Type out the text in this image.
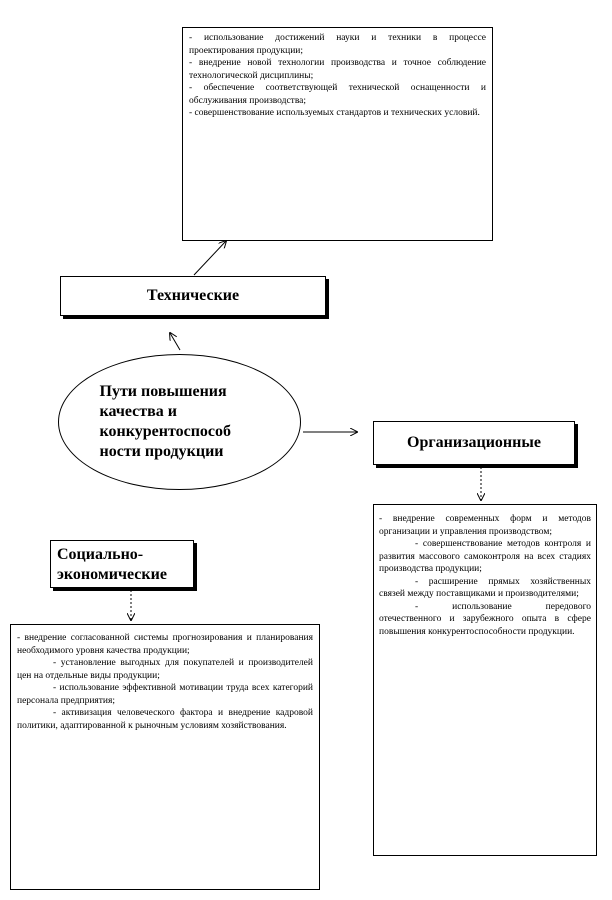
- использование достижений науки и техники в процессе проектирования продукции;

- внедрение новой технологии производства и точное соблюдение технологической дисциплины;

- обеспечение соответствующей технической оснащенности и обслуживания производства;

- совершенствование используемых стандартов и технических условий.

Технические
Пути повышения
качества и
конкурентоспособ
ности продукции
Организационные

- внедрение современных форм и методов организации и управления производством;

- совершенствование методов контроля и развития массового самоконтроля на всех стадиях производства продукции;

- расширение прямых хозяйственных связей между поставщиками и производителями;

- использование передового отечественного и зарубежного опыта в сфере повышения конкурентоспособности продукции.

Социально-
экономические

- внедрение согласованной системы прогнозирования и планирования необходимого уровня качества продукции;

- установление выгодных для покупателей и производителей цен на отдельные виды продукции;

- использование эффективной мотивации труда всех категорий персонала предприятия;

- активизация человеческого фактора и внедрение кадровой политики, адаптированной к рыночным условиям хозяйствования.
